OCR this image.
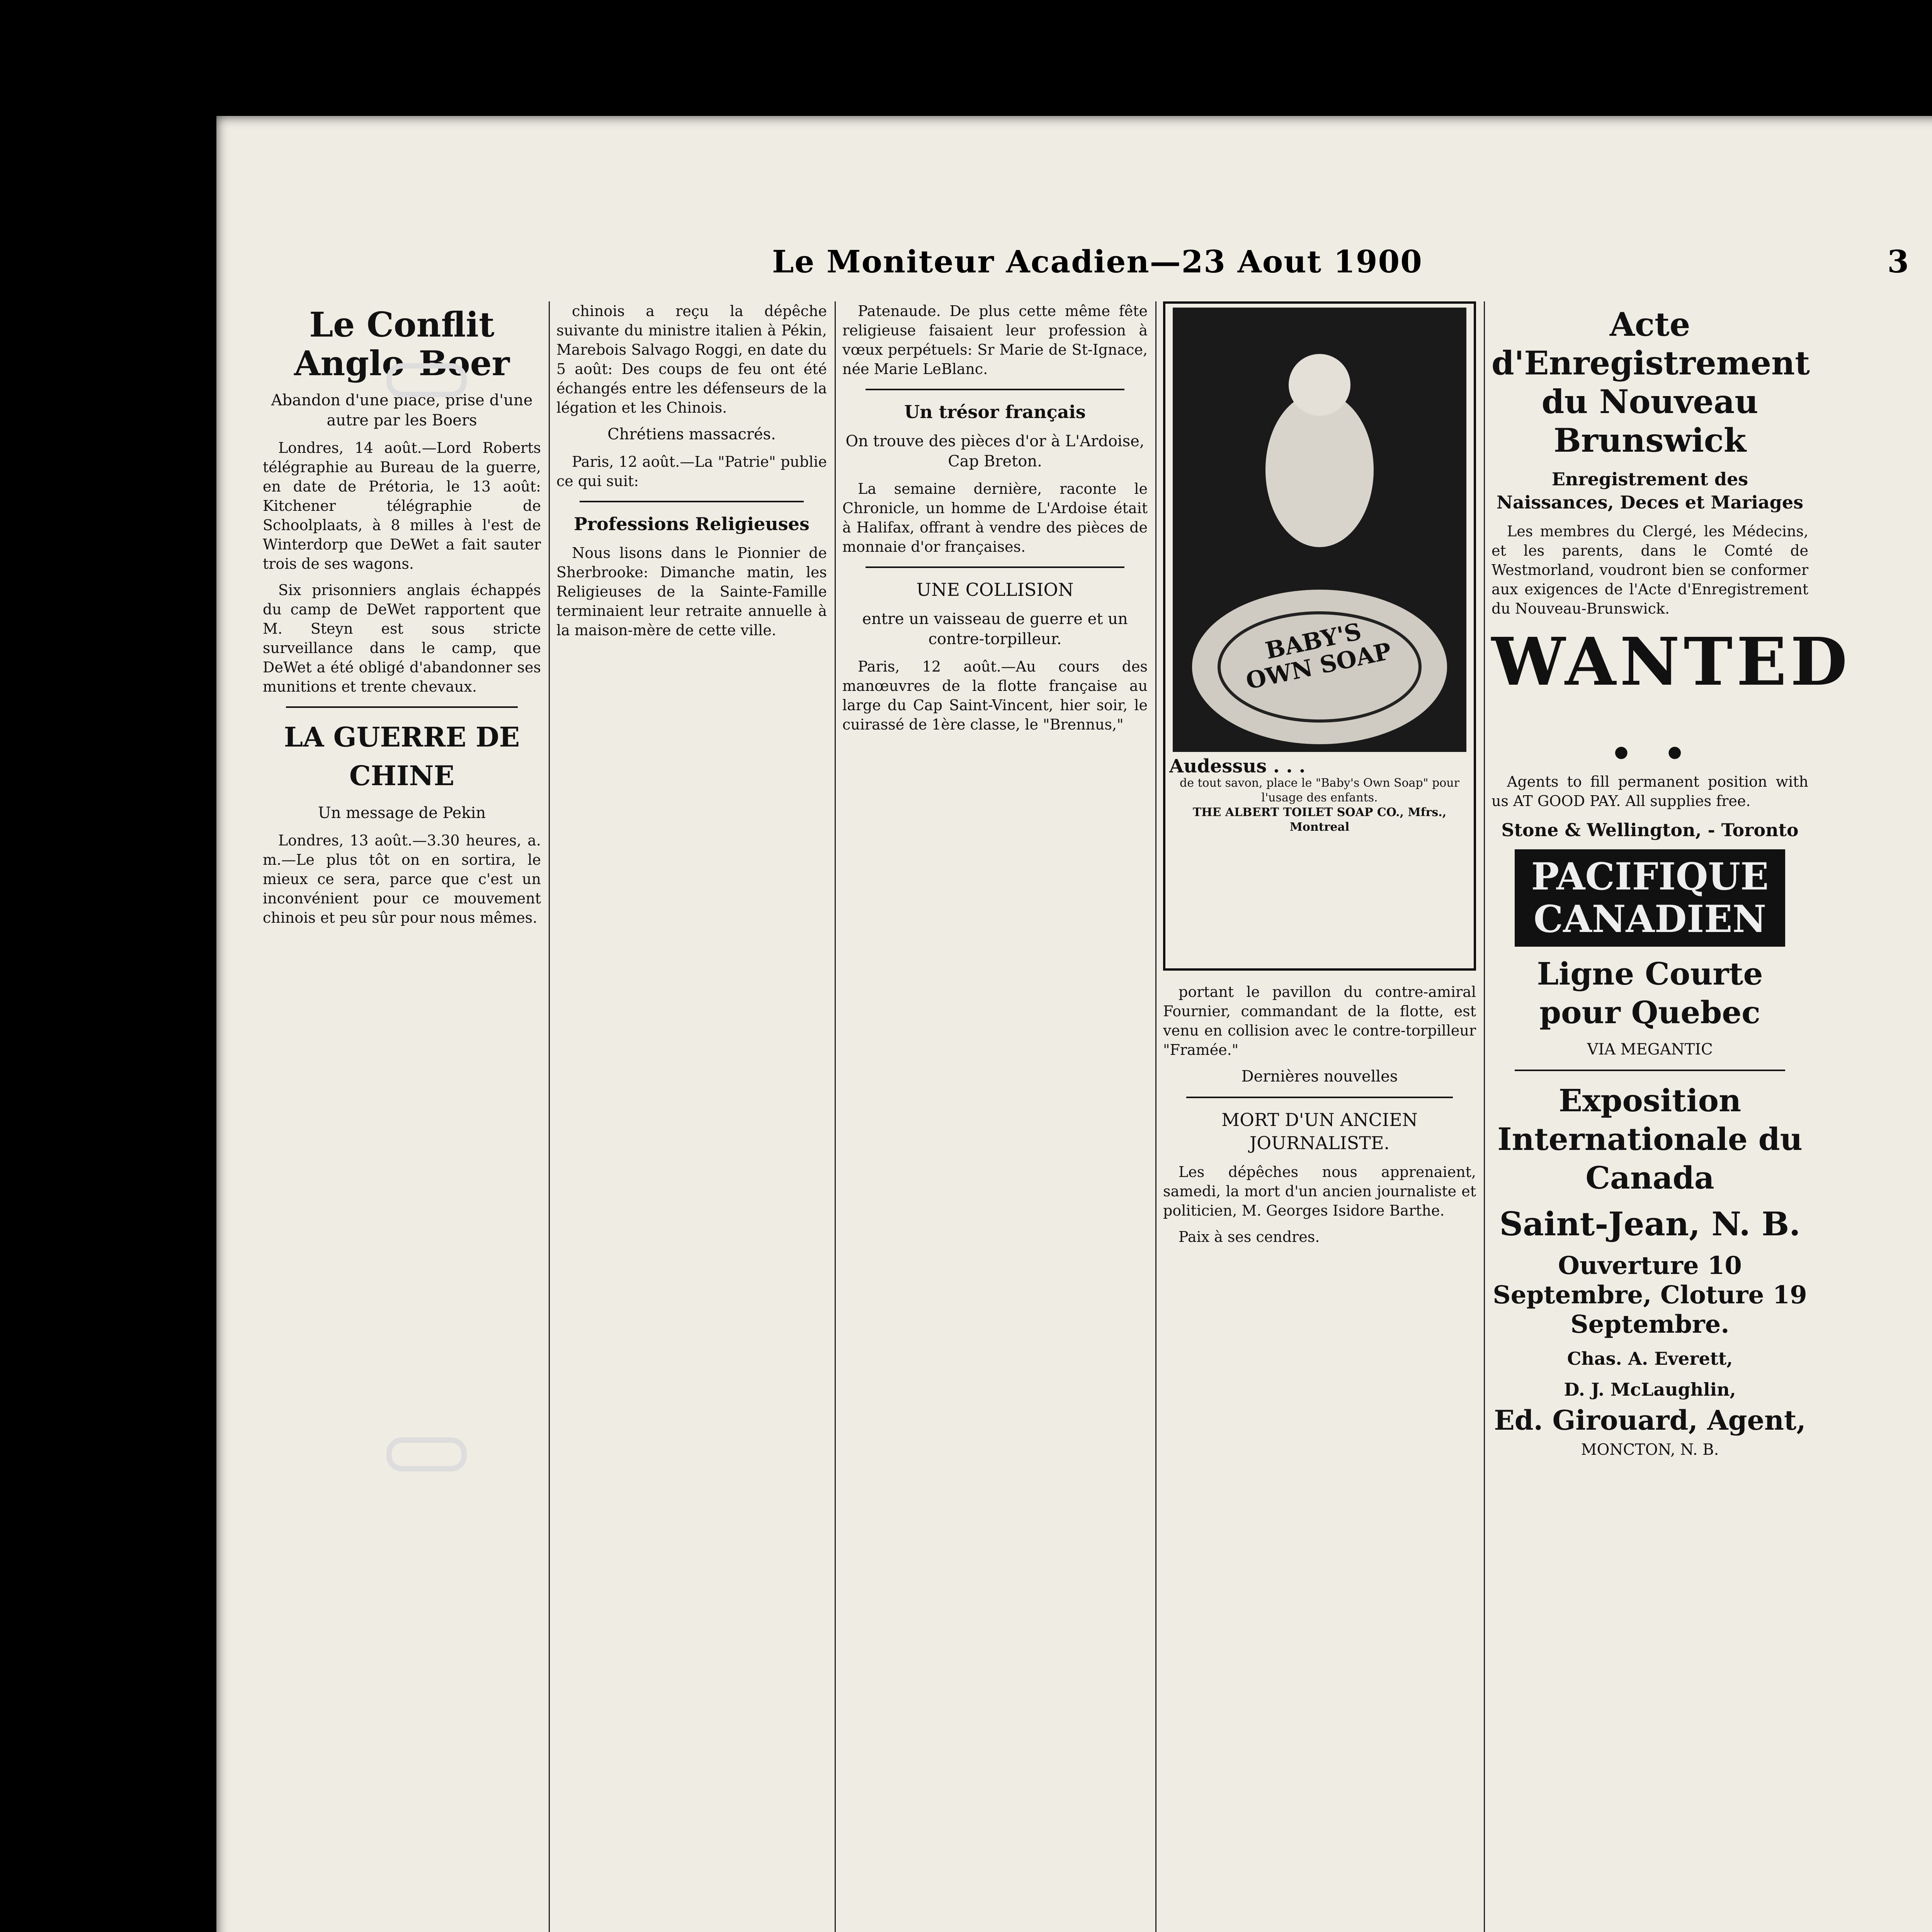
Le Moniteur Acadien—23 Aout 1900	3
Le Conflit Anglo-Boer
Abandon d'une place, prise d'une autre par les Boers

Londres, 14 août.—Lord Roberts télégraphie au Bureau de la guerre, en date de Prétoria, le 13 août: Kitchener télégraphie de Schoolplaats, à 8 milles à l'est de Winterdorp que DeWet a fait sauter trois de ses wagons.

Six prisonniers anglais échappés du camp de DeWet rapportent que M. Steyn est sous stricte surveillance dans le camp, que DeWet a été obligé d'abandonner ses munitions et trente chevaux.

LA GUERRE DE CHINE
Un message de Pekin

Londres, 13 août.—3.30 heures, a. m.—Le plus tôt on en sortira, le mieux ce sera, parce que c'est un inconvénient pour ce mouvement chinois et peu sûr pour nous mêmes.

chinois a reçu la dépêche suivante du ministre italien à Pékin, Marebois Salvago Roggi, en date du 5 août: Des coups de feu ont été échangés entre les défenseurs de la légation et les Chinois.

Chrétiens massacrés.

Paris, 12 août.—La "Patrie" publie ce qui suit:

Professions Religieuses

Nous lisons dans le Pionnier de Sherbrooke: Dimanche matin, les Religieuses de la Sainte-Famille terminaient leur retraite annuelle à la maison-mère de cette ville.

Patenaude. De plus cette même fête religieuse faisaient leur profession à vœux perpétuels: Sr Marie de St-Ignace, née Marie LeBlanc.

Un trésor français
On trouve des pièces d'or à L'Ardoise, Cap Breton.

La semaine dernière, raconte le Chronicle, un homme de L'Ardoise était à Halifax, offrant à vendre des pièces de monnaie d'or françaises.

UNE COLLISION
entre un vaisseau de guerre et un contre-torpilleur.

Paris, 12 août.—Au cours des manœuvres de la flotte française au large du Cap Saint-Vincent, hier soir, le cuirassé de 1ère classe, le "Brennus,"

BABY'S OWN SOAP
Audessus . . .
de tout savon, place le "Baby's Own Soap" pour l'usage des enfants.
THE ALBERT TOILET SOAP CO., Mfrs., Montreal

portant le pavillon du contre-amiral Fournier, commandant de la flotte, est venu en collision avec le contre-torpilleur "Framée."

Dernières nouvelles
MORT D'UN ANCIEN JOURNALISTE.

Les dépêches nous apprenaient, samedi, la mort d'un ancien journaliste et politicien, M. Georges Isidore Barthe.

Paix à ses cendres.

Acte d'Enregistrement du Nouveau Brunswick
Enregistrement des Naissances, Deces et Mariages

Les membres du Clergé, les Médecins, et les parents, dans le Comté de Westmorland, voudront bien se conformer aux exigences de l'Acte d'Enregistrement du Nouveau-Brunswick.

WANTED . .

Agents to fill permanent position with us AT GOOD PAY. All supplies free.

Stone & Wellington, - Toronto
PACIFIQUE
CANADIEN
Ligne Courte pour Quebec
VIA MEGANTIC
Exposition Internationale du Canada
Saint-Jean, N. B.
Ouverture 10 Septembre, Cloture 19 Septembre.
Chas. A. Everett,
D. J. McLaughlin,
Ed. Girouard, Agent,
MONCTON, N. B.
